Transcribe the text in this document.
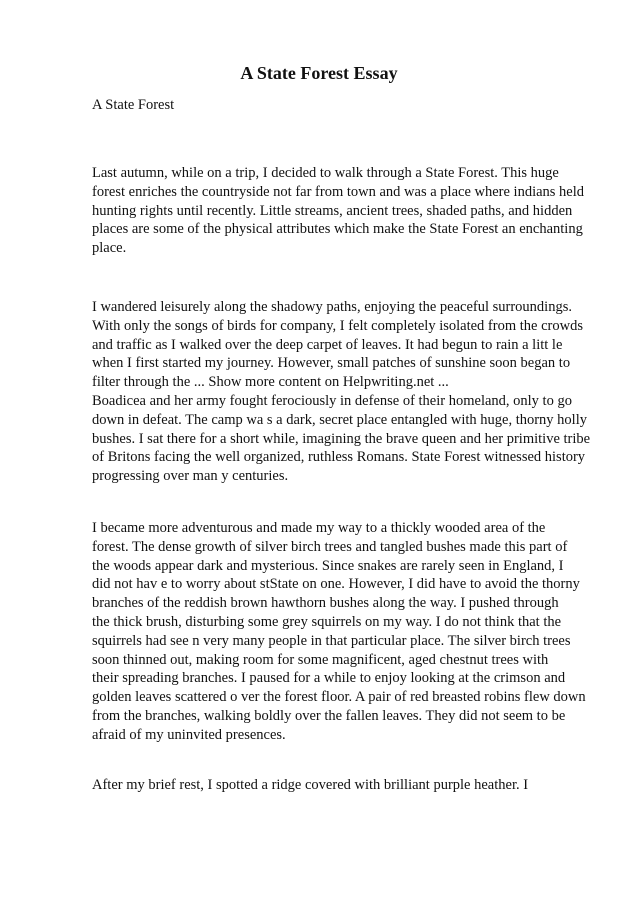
A State Forest Essay
A State Forest
Last autumn, while on a trip, I decided to walk through a State Forest. This huge
forest enriches the countryside not far from town and was a place where indians held
hunting rights until recently. Little streams, ancient trees, shaded paths, and hidden
places are some of the physical attributes which make the State Forest an enchanting
place.
I wandered leisurely along the shadowy paths, enjoying the peaceful surroundings.
With only the songs of birds for company, I felt completely isolated from the crowds
and traffic as I walked over the deep carpet of leaves. It had begun to rain a litt le
when I first started my journey. However, small patches of sunshine soon began to
filter through the ... Show more content on Helpwriting.net ...
Boadicea and her army fought ferociously in defense of their homeland, only to go
down in defeat. The camp wa s a dark, secret place entangled with huge, thorny holly
bushes. I sat there for a short while, imagining the brave queen and her primitive tribe
of Britons facing the well organized, ruthless Romans. State Forest witnessed history
progressing over man y centuries.
I became more adventurous and made my way to a thickly wooded area of the
forest. The dense growth of silver birch trees and tangled bushes made this part of
the woods appear dark and mysterious. Since snakes are rarely seen in England, I
did not hav e to worry about stState on one. However, I did have to avoid the thorny
branches of the reddish brown hawthorn bushes along the way. I pushed through
the thick brush, disturbing some grey squirrels on my way. I do not think that the
squirrels had see n very many people in that particular place. The silver birch trees
soon thinned out, making room for some magnificent, aged chestnut trees with
their spreading branches. I paused for a while to enjoy looking at the crimson and
golden leaves scattered o ver the forest floor. A pair of red breasted robins flew down
from the branches, walking boldly over the fallen leaves. They did not seem to be
afraid of my uninvited presences.
After my brief rest, I spotted a ridge covered with brilliant purple heather. I
